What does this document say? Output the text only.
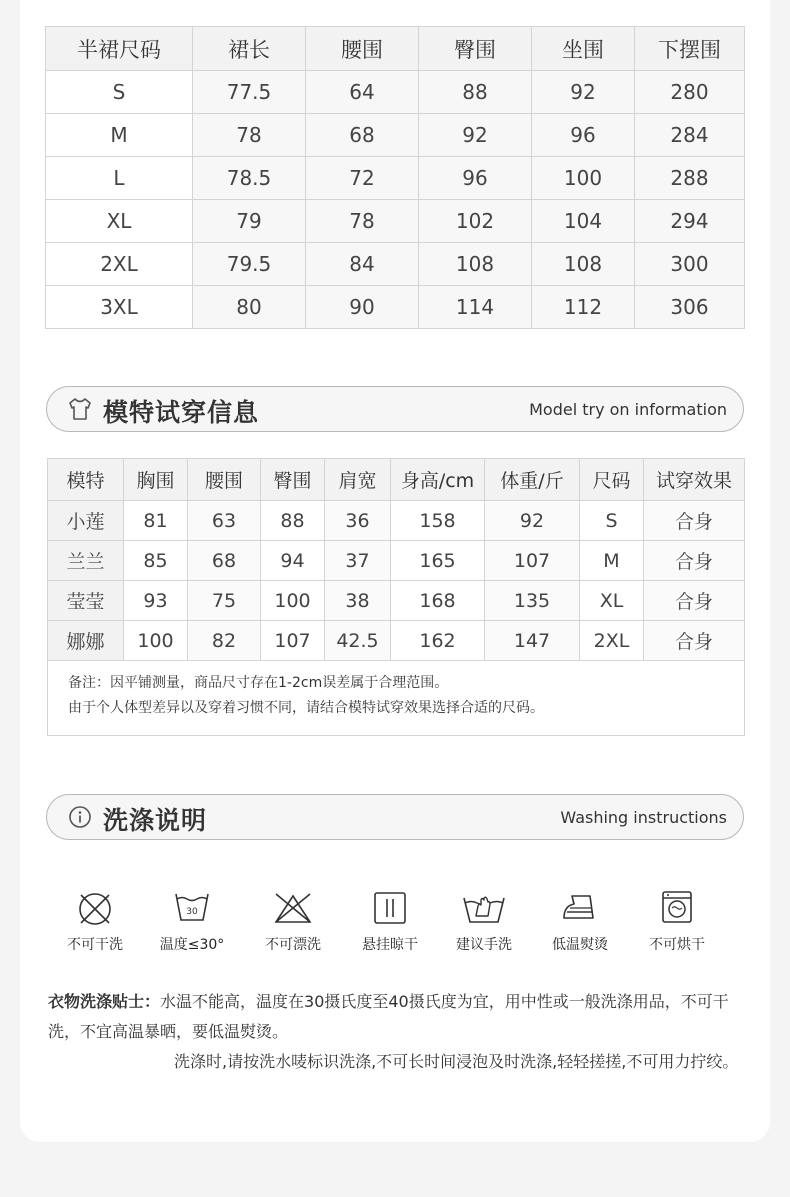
半裙尺码	裙长	腰围	臀围	坐围	下摆围
S	77.5	64	88	92	280
M	78	68	92	96	284
L	78.5	72	96	100	288
XL	79	78	102	104	294
2XL	79.5	84	108	108	300
3XL	80	90	114	112	306
模特试穿信息	Model try on information
模特	胸围	腰围	臀围	肩宽	身高/cm	体重/斤	尺码	试穿效果
小莲	81	63	88	36	158	92	S	合身
兰兰	85	68	94	37	165	107	M	合身
莹莹	93	75	100	38	168	135	XL	合身
娜娜	100	82	107	42.5	162	147	2XL	合身

备注：因平铺测量，商品尺寸存在1-2cm误差属于合理范围。
由于个人体型差异以及穿着习惯不同，请结合模特试穿效果选择合适的尺码。								
洗涤说明	Washing instructions
不可干洗
30
温度≤30°	不可漂洗	悬挂晾干	建议手洗	低温熨烫	不可烘干
衣物洗涤贴士：水温不能高，温度在30摄氏度至40摄氏度为宜，用中性或一般洗涤用品，不可干洗，不宜高温暴晒，要低温熨烫。
洗涤时,请按洗水唛标识洗涤,不可长时间浸泡及时洗涤,轻轻搓搓,不可用力拧绞。
